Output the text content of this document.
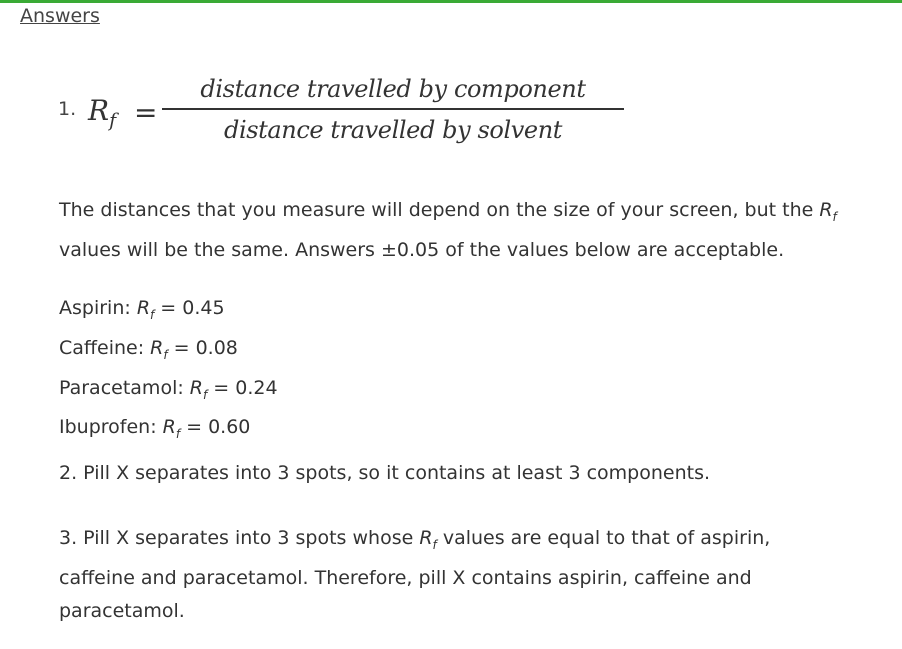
Answers
1. $R_f$ =
distance travelled by component
distance travelled by solvent

The distances that you measure will depend on the size of your screen, but the $R_f$
values will be the same. Answers ±0.05 of the values below are acceptable.

Aspirin: $R_f = 0.45$
Caffeine: $R_f = 0.08$
Paracetamol: $R_f = 0.24$
Ibuprofen: $R_f = 0.60$

2. Pill X separates into 3 spots, so it contains at least 3 components.

3. Pill X separates into 3 spots whose $R_f$ values are equal to that of aspirin, caffeine and paracetamol. Therefore, pill X contains aspirin, caffeine and paracetamol.
